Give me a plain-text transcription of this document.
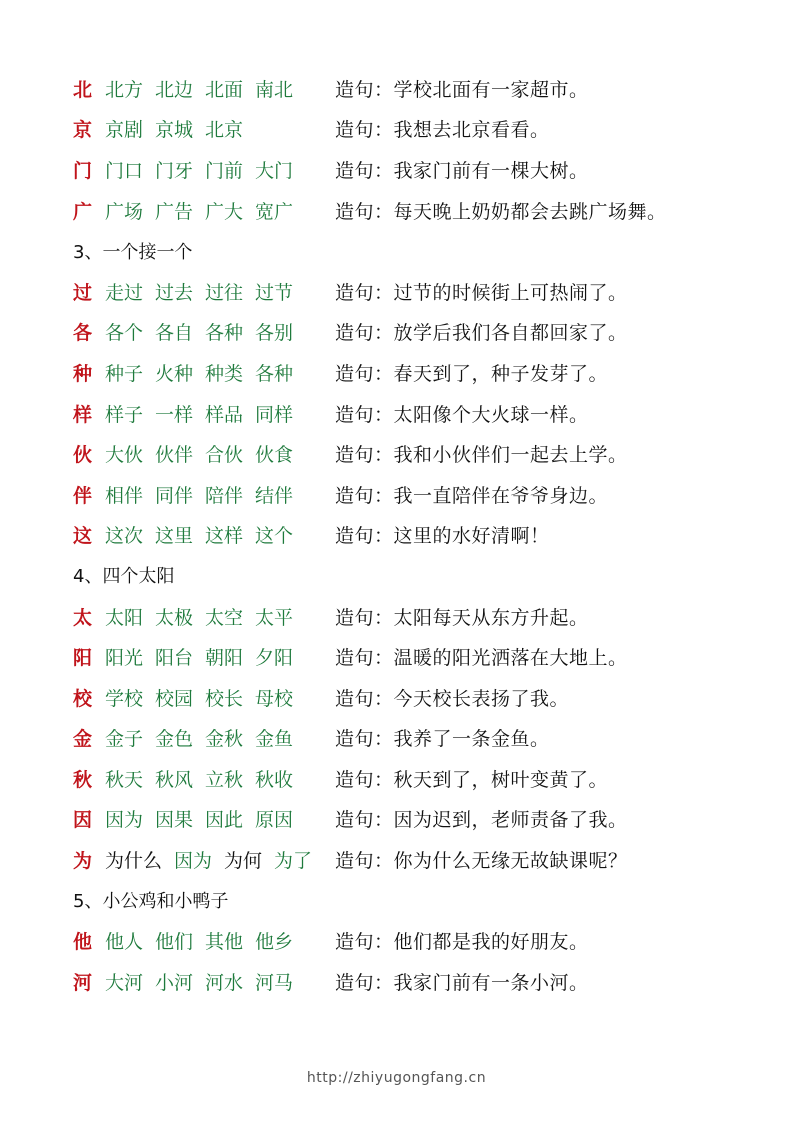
北 北方 北边 北面 南北	造句：学校北面有一家超市。
京 京剧 京城 北京	造句：我想去北京看看。
门 门口 门牙 门前 大门	造句：我家门前有一棵大树。
广 广场 广告 广大 宽广	造句：每天晚上奶奶都会去跳广场舞。
3、一个接一个
过 走过 过去 过往 过节	造句：过节的时候街上可热闹了。
各 各个 各自 各种 各别	造句：放学后我们各自都回家了。
种 种子 火种 种类 各种	造句：春天到了，种子发芽了。
样 样子 一样 样品 同样	造句：太阳像个大火球一样。
伙 大伙 伙伴 合伙 伙食	造句：我和小伙伴们一起去上学。
伴 相伴 同伴 陪伴 结伴	造句：我一直陪伴在爷爷身边。
这 这次 这里 这样 这个	造句：这里的水好清啊！
4、四个太阳
太 太阳 太极 太空 太平	造句：太阳每天从东方升起。
阳 阳光 阳台 朝阳 夕阳	造句：温暖的阳光洒落在大地上。
校 学校 校园 校长 母校	造句：今天校长表扬了我。
金 金子 金色 金秋 金鱼	造句：我养了一条金鱼。
秋 秋天 秋风 立秋 秋收	造句：秋天到了，树叶变黄了。
因 因为 因果 因此 原因	造句：因为迟到，老师责备了我。
为 为什么 因为 为何 为了	造句：你为什么无缘无故缺课呢？
5、小公鸡和小鸭子
他 他人 他们 其他 他乡	造句：他们都是我的好朋友。
河 大河 小河 河水 河马	造句：我家门前有一条小河。
http://zhiyugongfang.cn
